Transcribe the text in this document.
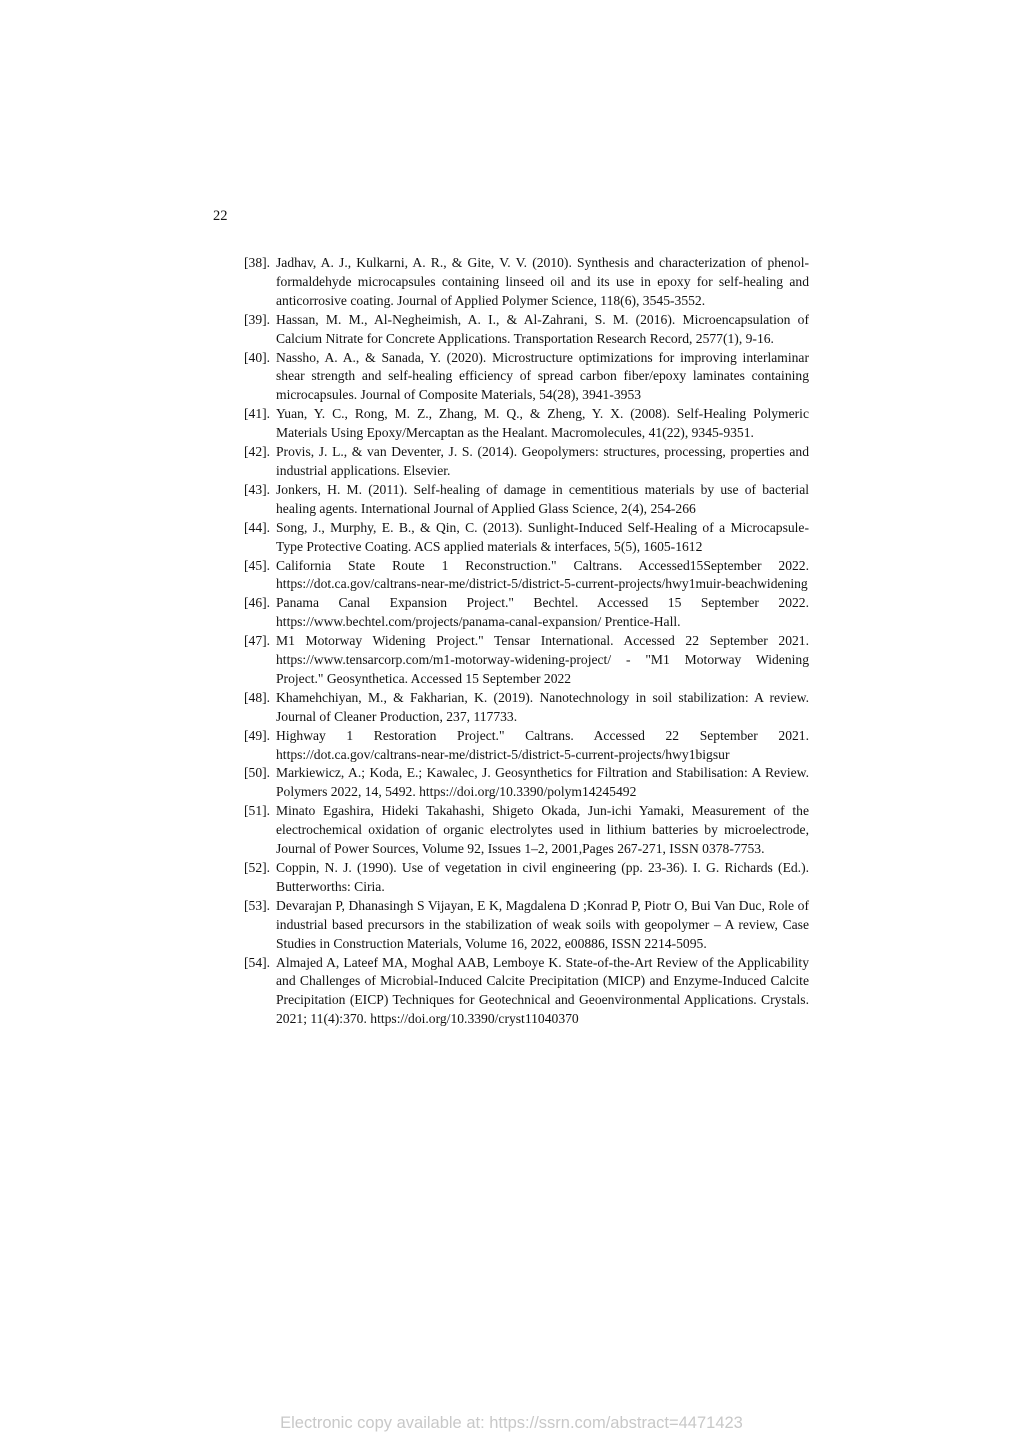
22
[38]. Jadhav, A. J., Kulkarni, A. R., & Gite, V. V. (2010). Synthesis and characterization of phenol-formaldehyde microcapsules containing linseed oil and its use in epoxy for self-healing and anticorrosive coating. Journal of Applied Polymer Science, 118(6), 3545-3552.
[39]. Hassan, M. M., Al-Negheimish, A. I., & Al-Zahrani, S. M. (2016). Microencapsulation of Calcium Nitrate for Concrete Applications. Transportation Research Record, 2577(1), 9-16.
[40]. Nassho, A. A., & Sanada, Y. (2020). Microstructure optimizations for improving interlaminar shear strength and self-healing efficiency of spread carbon fiber/epoxy laminates containing microcapsules. Journal of Composite Materials, 54(28), 3941-3953
[41]. Yuan, Y. C., Rong, M. Z., Zhang, M. Q., & Zheng, Y. X. (2008). Self-Healing Polymeric Materials Using Epoxy/Mercaptan as the Healant. Macromolecules, 41(22), 9345-9351.
[42]. Provis, J. L., & van Deventer, J. S. (2014). Geopolymers: structures, processing, properties and industrial applications. Elsevier.
[43]. Jonkers, H. M. (2011). Self-healing of damage in cementitious materials by use of bacterial healing agents. International Journal of Applied Glass Science, 2(4), 254-266
[44]. Song, J., Murphy, E. B., & Qin, C. (2013). Sunlight-Induced Self-Healing of a Microcapsule-Type Protective Coating. ACS applied materials & interfaces, 5(5), 1605-1612
[45]. California State Route 1 Reconstruction." Caltrans. Accessed15September 2022. https://dot.ca.gov/caltrans-near-me/district-5/district-5-current-projects/hwy1muir-beachwidening
[46]. Panama Canal Expansion Project." Bechtel. Accessed 15 September 2022. https://www.bechtel.com/projects/panama-canal-expansion/ Prentice-Hall.
[47]. M1 Motorway Widening Project." Tensar International. Accessed 22 September 2021. https://www.tensarcorp.com/m1-motorway-widening-project/ - "M1 Motorway Widening Project." Geosynthetica. Accessed 15 September 2022
[48]. Khamehchiyan, M., & Fakharian, K. (2019). Nanotechnology in soil stabilization: A review. Journal of Cleaner Production, 237, 117733.
[49]. Highway 1 Restoration Project." Caltrans. Accessed 22 September 2021. https://dot.ca.gov/caltrans-near-me/district-5/district-5-current-projects/hwy1bigsur
[50]. Markiewicz, A.; Koda, E.; Kawalec, J. Geosynthetics for Filtration and Stabilisation: A Review. Polymers 2022, 14, 5492. https://doi.org/10.3390/polym14245492
[51]. Minato Egashira, Hideki Takahashi, Shigeto Okada, Jun-ichi Yamaki, Measurement of the electrochemical oxidation of organic electrolytes used in lithium batteries by microelectrode, Journal of Power Sources, Volume 92, Issues 1–2, 2001,Pages 267-271, ISSN 0378-7753.
[52]. Coppin, N. J. (1990). Use of vegetation in civil engineering (pp. 23-36). I. G. Richards (Ed.). Butterworths: Ciria.
[53]. Devarajan P, Dhanasingh S Vijayan, E K, Magdalena D ;Konrad P, Piotr O, Bui Van Duc, Role of industrial based precursors in the stabilization of weak soils with geopolymer – A review, Case Studies in Construction Materials, Volume 16, 2022, e00886, ISSN 2214-5095.
[54]. Almajed A, Lateef MA, Moghal AAB, Lemboye K. State-of-the-Art Review of the Applicability and Challenges of Microbial-Induced Calcite Precipitation (MICP) and Enzyme-Induced Calcite Precipitation (EICP) Techniques for Geotechnical and Geoenvironmental Applications. Crystals. 2021; 11(4):370. https://doi.org/10.3390/cryst11040370
Electronic copy available at: https://ssrn.com/abstract=4471423
